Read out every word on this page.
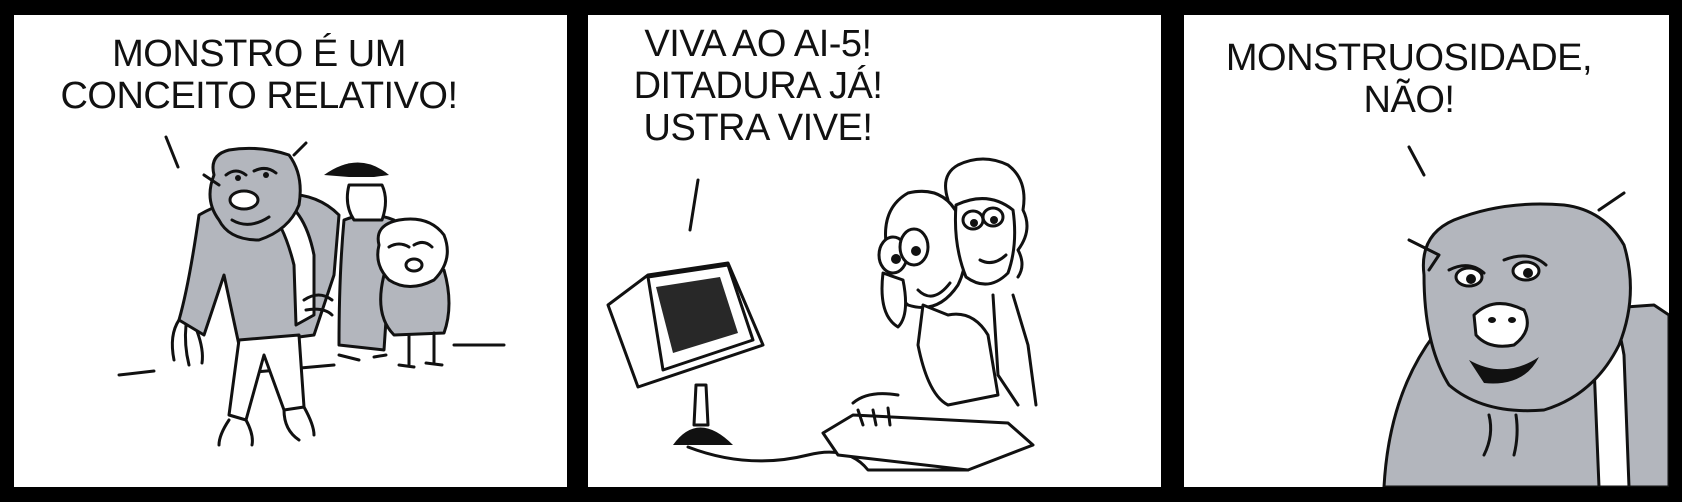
MONSTRO É UM
CONCEITO RELATIVO!
VIVA AO AI-5!
DITADURA JÁ!
USTRA VIVE!
MONSTRUOSIDADE,
NÃO!
